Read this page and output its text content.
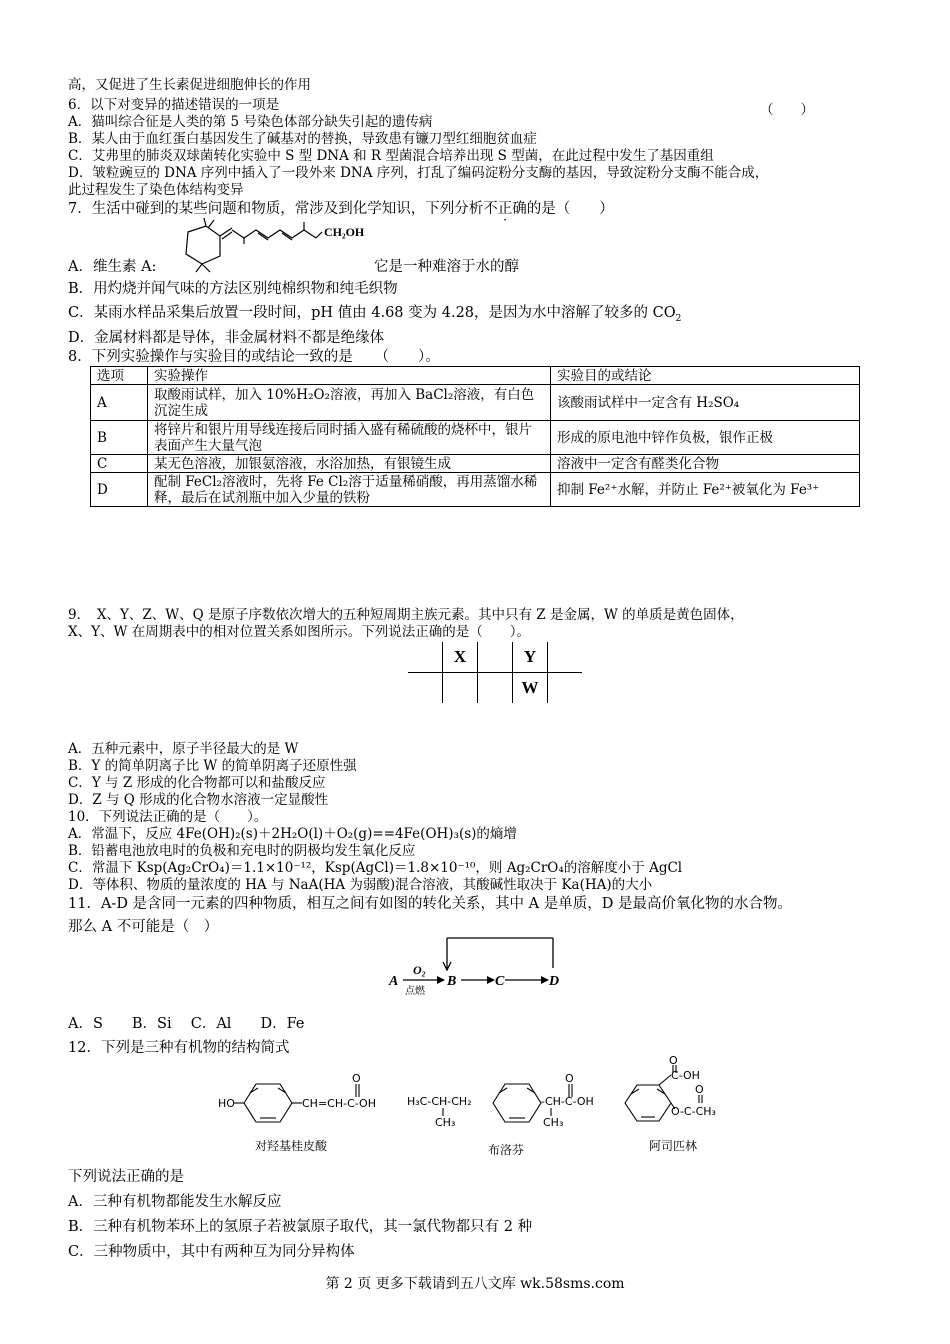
高，又促进了生长素促进细胞伸长的作用
6．以下对变异的描述错误的一项是	（　　）
A．猫叫综合征是人类的第 5 号染色体部分缺失引起的遗传病
B．某人由于血红蛋白基因发生了碱基对的替换，导致患有镰刀型红细胞贫血症
C．艾弗里的肺炎双球菌转化实验中 S 型 DNA 和 R 型菌混合培养出现 S 型菌，在此过程中发生了基因重组
D．皱粒豌豆的 DNA 序列中插入了一段外来 DNA 序列，打乱了编码淀粉分支酶的基因，导致淀粉分支酶不能合成，
此过程发生了染色体结构变异
7．生活中碰到的某些问题和物质，常涉及到化学知识，下列分析不正确的是（　　）
CH₂OH
A．维生素 A:	它是一种难溶于水的醇
B．用灼烧并闻气味的方法区别纯棉织物和纯毛织物
C．某雨水样品采集后放置一段时间，pH 值由 4.68 变为 4.28，是因为水中溶解了较多的 $CO_2$
D．金属材料都是导体，非金属材料不都是绝缘体
8．下列实验操作与实验目的或结论一致的是　　（　　）。
选项	实验操作	实验目的或结论
A	取酸雨试样，加入 10%H₂O₂溶液，再加入 BaCl₂溶液，有白色沉淀生成	该酸雨试样中一定含有 H₂SO₄
B	将锌片和银片用导线连接后同时插入盛有稀硫酸的烧杯中，银片表面产生大量气泡	形成的原电池中锌作负极，银作正极
C	某无色溶液，加银氨溶液，水浴加热，有银镜生成	溶液中一定含有醛类化合物
D	配制 FeCl₂溶液时，先将 Fe Cl₂溶于适量稀硝酸，再用蒸馏水稀释，最后在试剂瓶中加入少量的铁粉	抑制 Fe²⁺水解，并防止 Fe²⁺被氧化为 Fe³⁺
9．　X、Y、Z、W、Q 是原子序数依次增大的五种短周期主族元素。其中只有 Z 是金属，W 的单质是黄色固体，
X、Y、W 在周期表中的相对位置关系如图所示。下列说法正确的是（　　）。
	X		Y	
			W	
A．五种元素中，原子半径最大的是 W
B．Y 的简单阴离子比 W 的简单阴离子还原性强
C．Y 与 Z 形成的化合物都可以和盐酸反应
D．Z 与 Q 形成的化合物水溶液一定显酸性
10．下列说法正确的是（　　）。
A．常温下，反应 4Fe(OH)₂(s)＋2H₂O(l)＋O₂(g)==4Fe(OH)₃(s)的熵增
B．铅蓄电池放电时的负极和充电时的阴极均发生氧化反应
C．常温下 Ksp(Ag₂CrO₄)＝1.1×10⁻¹²，Ksp(AgCl)＝1.8×10⁻¹⁰，则 Ag₂CrO₄的溶解度小于 AgCl
D．等体积、物质的量浓度的 HA 与 NaA(HA 为弱酸)混合溶液，其酸碱性取决于 Ka(HA)的大小
11．A-D 是含同一元素的四种物质，相互之间有如图的转化关系，其中 A 是单质，D 是最高价氧化物的水合物。
那么 A 不可能是（　）
A	B	C	D
O₂
点燃
A．S　　B．Si　 C．Al　　D．Fe
12．下列是三种有机物的结构简式
HO	CH=CH-C-OH
O
对羟基桂皮酸
H₃C-CH-CH₂
CH₃
-CH-C-OH
CH₃
O
布洛芬
O
C-OH
O-C-CH₃
O
阿司匹林
下列说法正确的是
A．三种有机物都能发生水解反应
B．三种有机物苯环上的氢原子若被氯原子取代，其一氯代物都只有 2 种
C．三种物质中，其中有两种互为同分异构体
第 2 页 更多下载请到五八文库 wk.58sms.com
